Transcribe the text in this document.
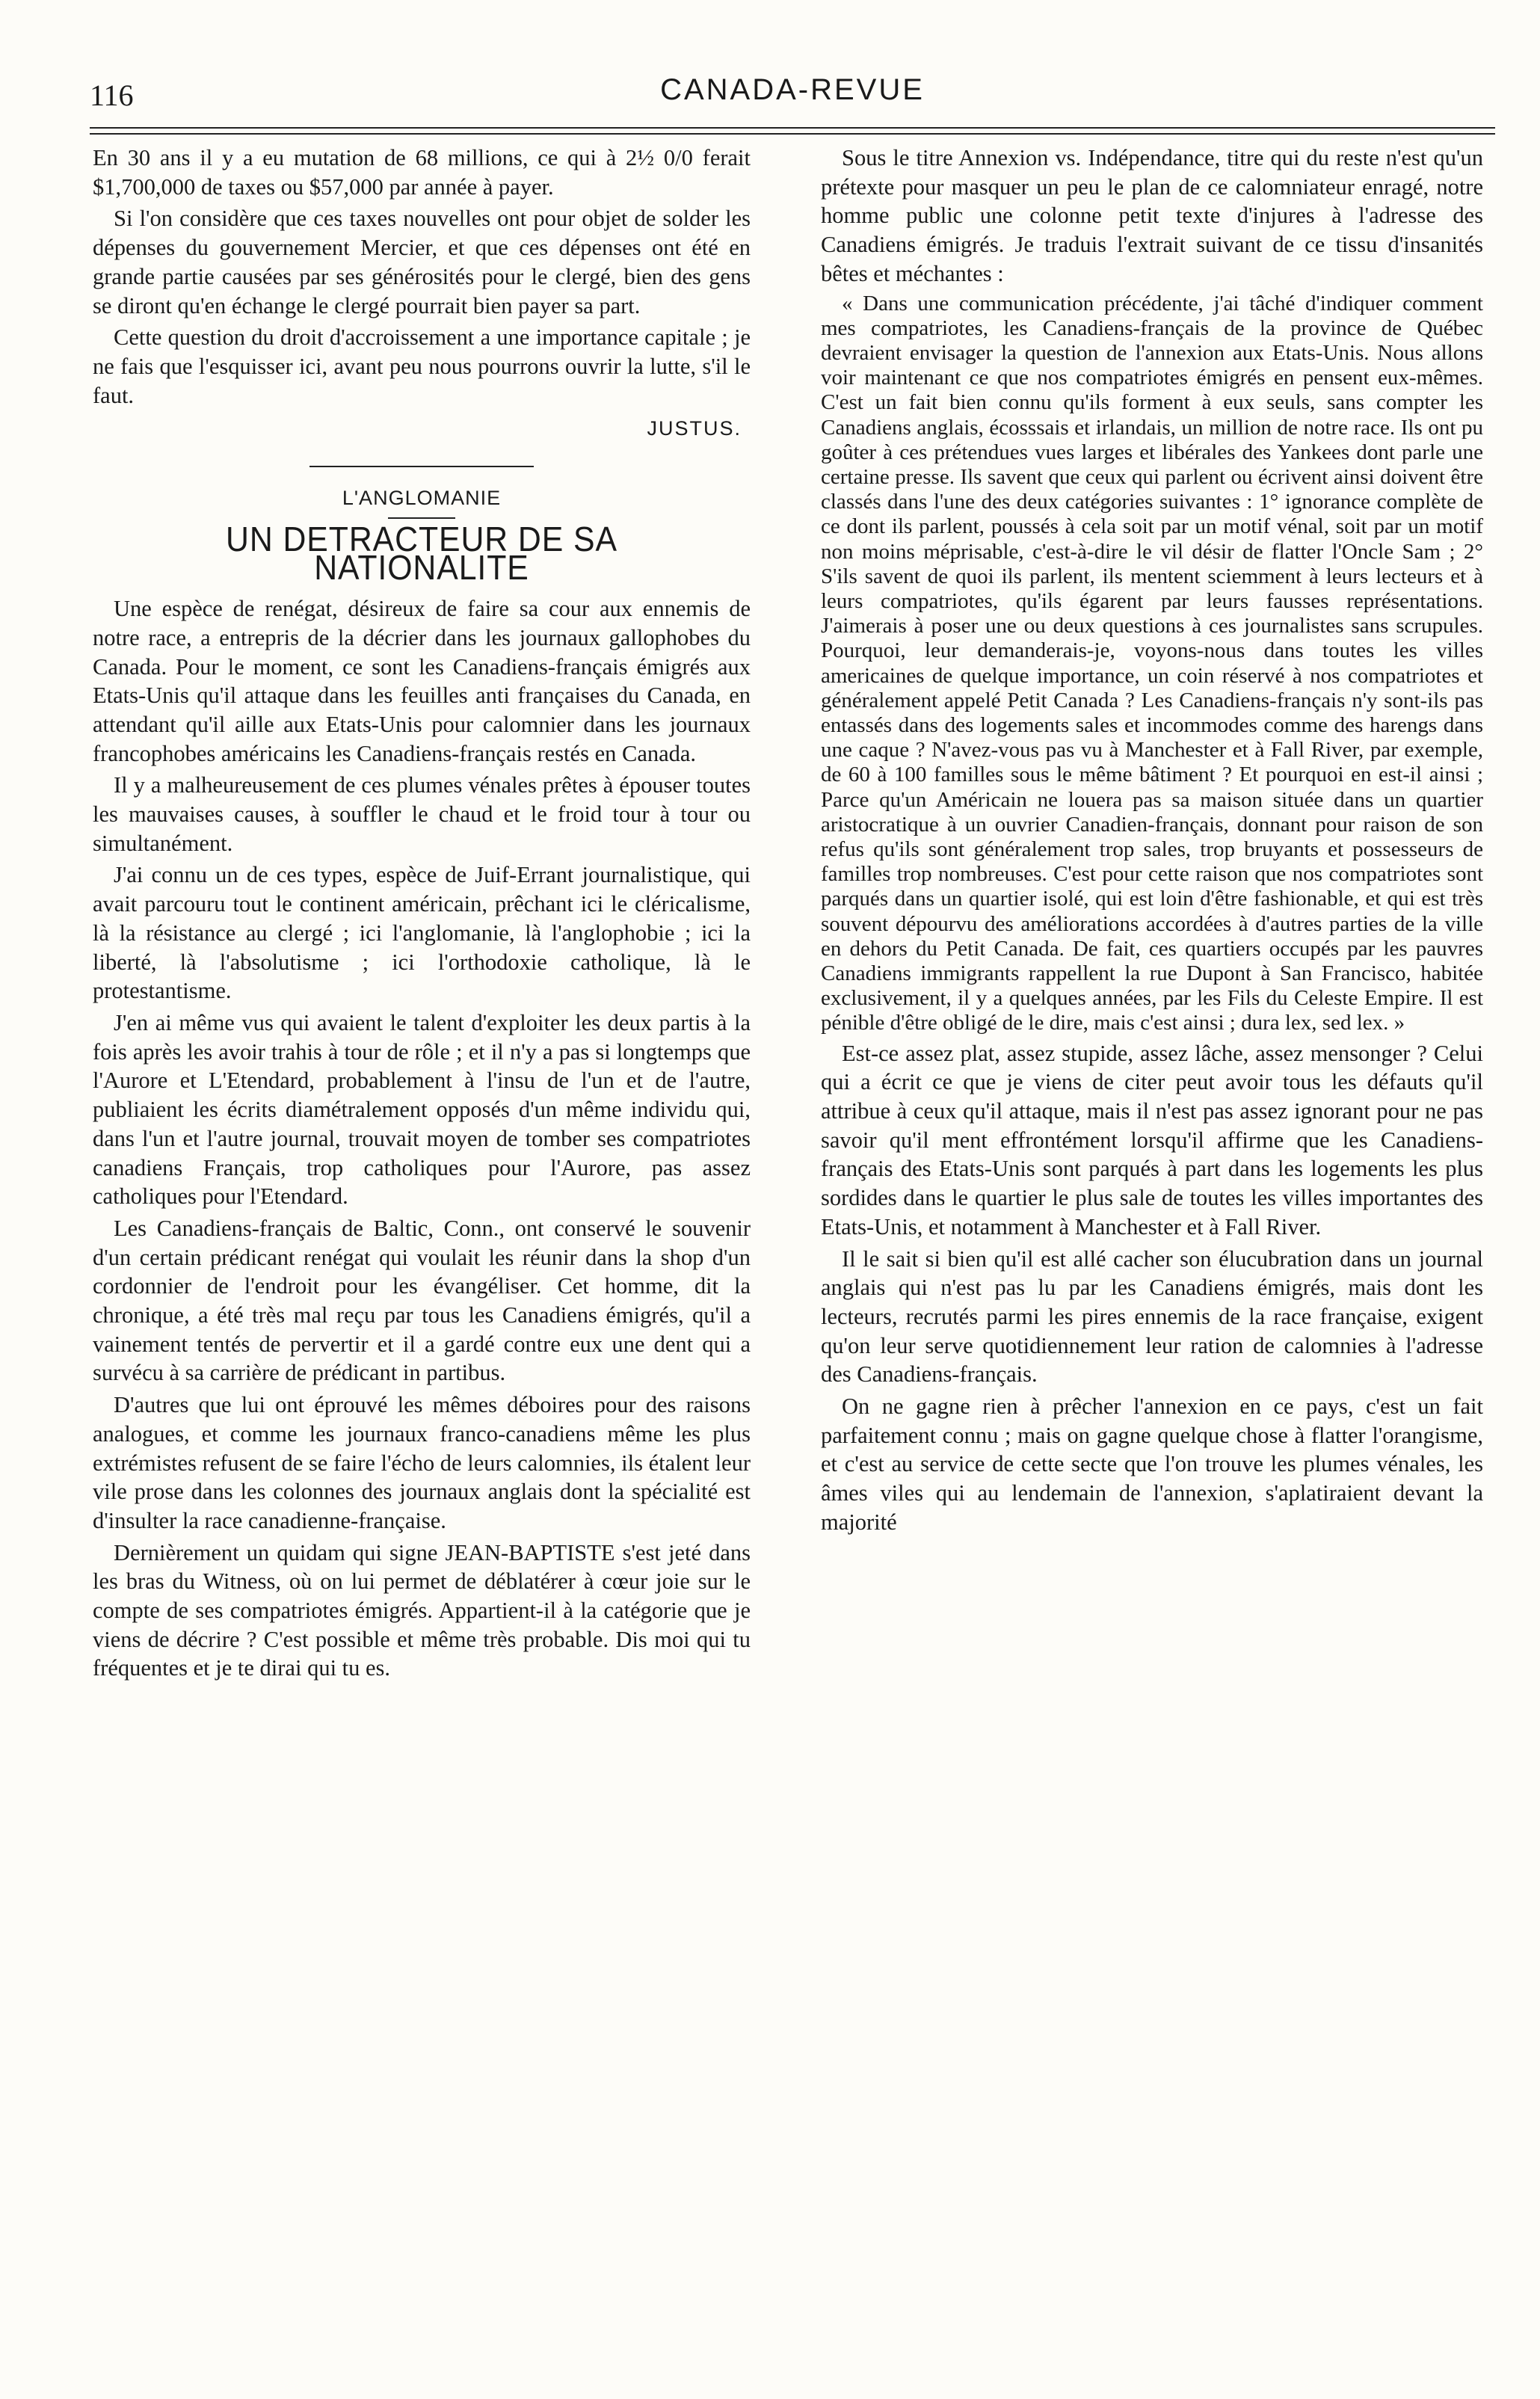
116	CANADA-REVUE

En 30 ans il y a eu mutation de 68 millions, ce qui à 2½ 0/0 ferait $1,700,000 de taxes ou $57,000 par année à payer.

Si l'on considère que ces taxes nouvelles ont pour objet de solder les dépenses du gouvernement Mercier, et que ces dépenses ont été en grande partie causées par ses générosités pour le clergé, bien des gens se diront qu'en échange le clergé pourrait bien payer sa part.

Cette question du droit d'accroissement a une importance capitale ; je ne fais que l'esquisser ici, avant peu nous pourrons ouvrir la lutte, s'il le faut.

JUSTUS.
L'ANGLOMANIE
UN DETRACTEUR DE SA NATIONALITE

Une espèce de renégat, désireux de faire sa cour aux ennemis de notre race, a entrepris de la décrier dans les journaux gallophobes du Canada. Pour le moment, ce sont les Canadiens-français émigrés aux Etats-Unis qu'il attaque dans les feuilles anti françaises du Canada, en attendant qu'il aille aux Etats-Unis pour calomnier dans les journaux francophobes américains les Canadiens-français restés en Canada.

Il y a malheureusement de ces plumes vénales prêtes à épouser toutes les mauvaises causes, à souffler le chaud et le froid tour à tour ou simultanément.

J'ai connu un de ces types, espèce de Juif-Errant journalistique, qui avait parcouru tout le continent américain, prêchant ici le cléricalisme, là la résistance au clergé ; ici l'anglomanie, là l'anglophobie ; ici la liberté, là l'absolutisme ; ici l'orthodoxie catholique, là le protestantisme.

J'en ai même vus qui avaient le talent d'exploiter les deux partis à la fois après les avoir trahis à tour de rôle ; et il n'y a pas si longtemps que l'Aurore et L'Etendard, probablement à l'insu de l'un et de l'autre, publiaient les écrits diamétralement opposés d'un même individu qui, dans l'un et l'autre journal, trouvait moyen de tomber ses compatriotes canadiens Français, trop catholiques pour l'Aurore, pas assez catholiques pour l'Etendard.

Les Canadiens-français de Baltic, Conn., ont conservé le souvenir d'un certain prédicant renégat qui voulait les réunir dans la shop d'un cordonnier de l'endroit pour les évangéliser. Cet homme, dit la chronique, a été très mal reçu par tous les Canadiens émigrés, qu'il a vainement tentés de pervertir et il a gardé contre eux une dent qui a survécu à sa carrière de prédicant in partibus.

D'autres que lui ont éprouvé les mêmes déboires pour des raisons analogues, et comme les journaux franco-canadiens même les plus extrémistes refusent de se faire l'écho de leurs calomnies, ils étalent leur vile prose dans les colonnes des journaux anglais dont la spécialité est d'insulter la race canadienne-française.

Dernièrement un quidam qui signe JEAN-BAPTISTE s'est jeté dans les bras du Witness, où on lui permet de déblatérer à cœur joie sur le compte de ses compatriotes émigrés. Appartient-il à la catégorie que je viens de décrire ? C'est possible et même très probable. Dis moi qui tu fréquentes et je te dirai qui tu es.

Sous le titre Annexion vs. Indépendance, titre qui du reste n'est qu'un prétexte pour masquer un peu le plan de ce calomniateur enragé, notre homme public une colonne petit texte d'injures à l'adresse des Canadiens émigrés. Je traduis l'extrait suivant de ce tissu d'insanités bêtes et méchantes :

« Dans une communication précédente, j'ai tâché d'indiquer comment mes compatriotes, les Canadiens-français de la province de Québec devraient envisager la question de l'annexion aux Etats-Unis. Nous allons voir maintenant ce que nos compatriotes émigrés en pensent eux-mêmes. C'est un fait bien connu qu'ils forment à eux seuls, sans compter les Canadiens anglais, écosssais et irlandais, un million de notre race. Ils ont pu goûter à ces prétendues vues larges et libérales des Yankees dont parle une certaine presse. Ils savent que ceux qui parlent ou écrivent ainsi doivent être classés dans l'une des deux catégories suivantes : 1° ignorance complète de ce dont ils parlent, poussés à cela soit par un motif vénal, soit par un motif non moins méprisable, c'est-à-dire le vil désir de flatter l'Oncle Sam ; 2° S'ils savent de quoi ils parlent, ils mentent sciemment à leurs lecteurs et à leurs compatriotes, qu'ils égarent par leurs fausses représentations. J'aimerais à poser une ou deux questions à ces journalistes sans scrupules. Pourquoi, leur demanderais-je, voyons-nous dans toutes les villes americaines de quelque importance, un coin réservé à nos compatriotes et généralement appelé Petit Canada ? Les Canadiens-français n'y sont-ils pas entassés dans des logements sales et incommodes comme des harengs dans une caque ? N'avez-vous pas vu à Manchester et à Fall River, par exemple, de 60 à 100 familles sous le même bâtiment ? Et pourquoi en est-il ainsi ; Parce qu'un Américain ne louera pas sa maison située dans un quartier aristocratique à un ouvrier Canadien-français, donnant pour raison de son refus qu'ils sont généralement trop sales, trop bruyants et possesseurs de familles trop nombreuses. C'est pour cette raison que nos compatriotes sont parqués dans un quartier isolé, qui est loin d'être fashionable, et qui est très souvent dépourvu des améliorations accordées à d'autres parties de la ville en dehors du Petit Canada. De fait, ces quartiers occupés par les pauvres Canadiens immigrants rappellent la rue Dupont à San Francisco, habitée exclusivement, il y a quelques années, par les Fils du Celeste Empire. Il est pénible d'être obligé de le dire, mais c'est ainsi ; dura lex, sed lex. »

Est-ce assez plat, assez stupide, assez lâche, assez mensonger ? Celui qui a écrit ce que je viens de citer peut avoir tous les défauts qu'il attribue à ceux qu'il attaque, mais il n'est pas assez ignorant pour ne pas savoir qu'il ment effrontément lorsqu'il affirme que les Canadiens-français des Etats-Unis sont parqués à part dans les logements les plus sordides dans le quartier le plus sale de toutes les villes importantes des Etats-Unis, et notamment à Manchester et à Fall River.

Il le sait si bien qu'il est allé cacher son élucubration dans un journal anglais qui n'est pas lu par les Canadiens émigrés, mais dont les lecteurs, recrutés parmi les pires ennemis de la race française, exigent qu'on leur serve quotidiennement leur ration de calomnies à l'adresse des Canadiens-français.

On ne gagne rien à prêcher l'annexion en ce pays, c'est un fait parfaitement connu ; mais on gagne quelque chose à flatter l'orangisme, et c'est au service de cette secte que l'on trouve les plumes vénales, les âmes viles qui au lendemain de l'annexion, s'aplatiraient devant la majorité
